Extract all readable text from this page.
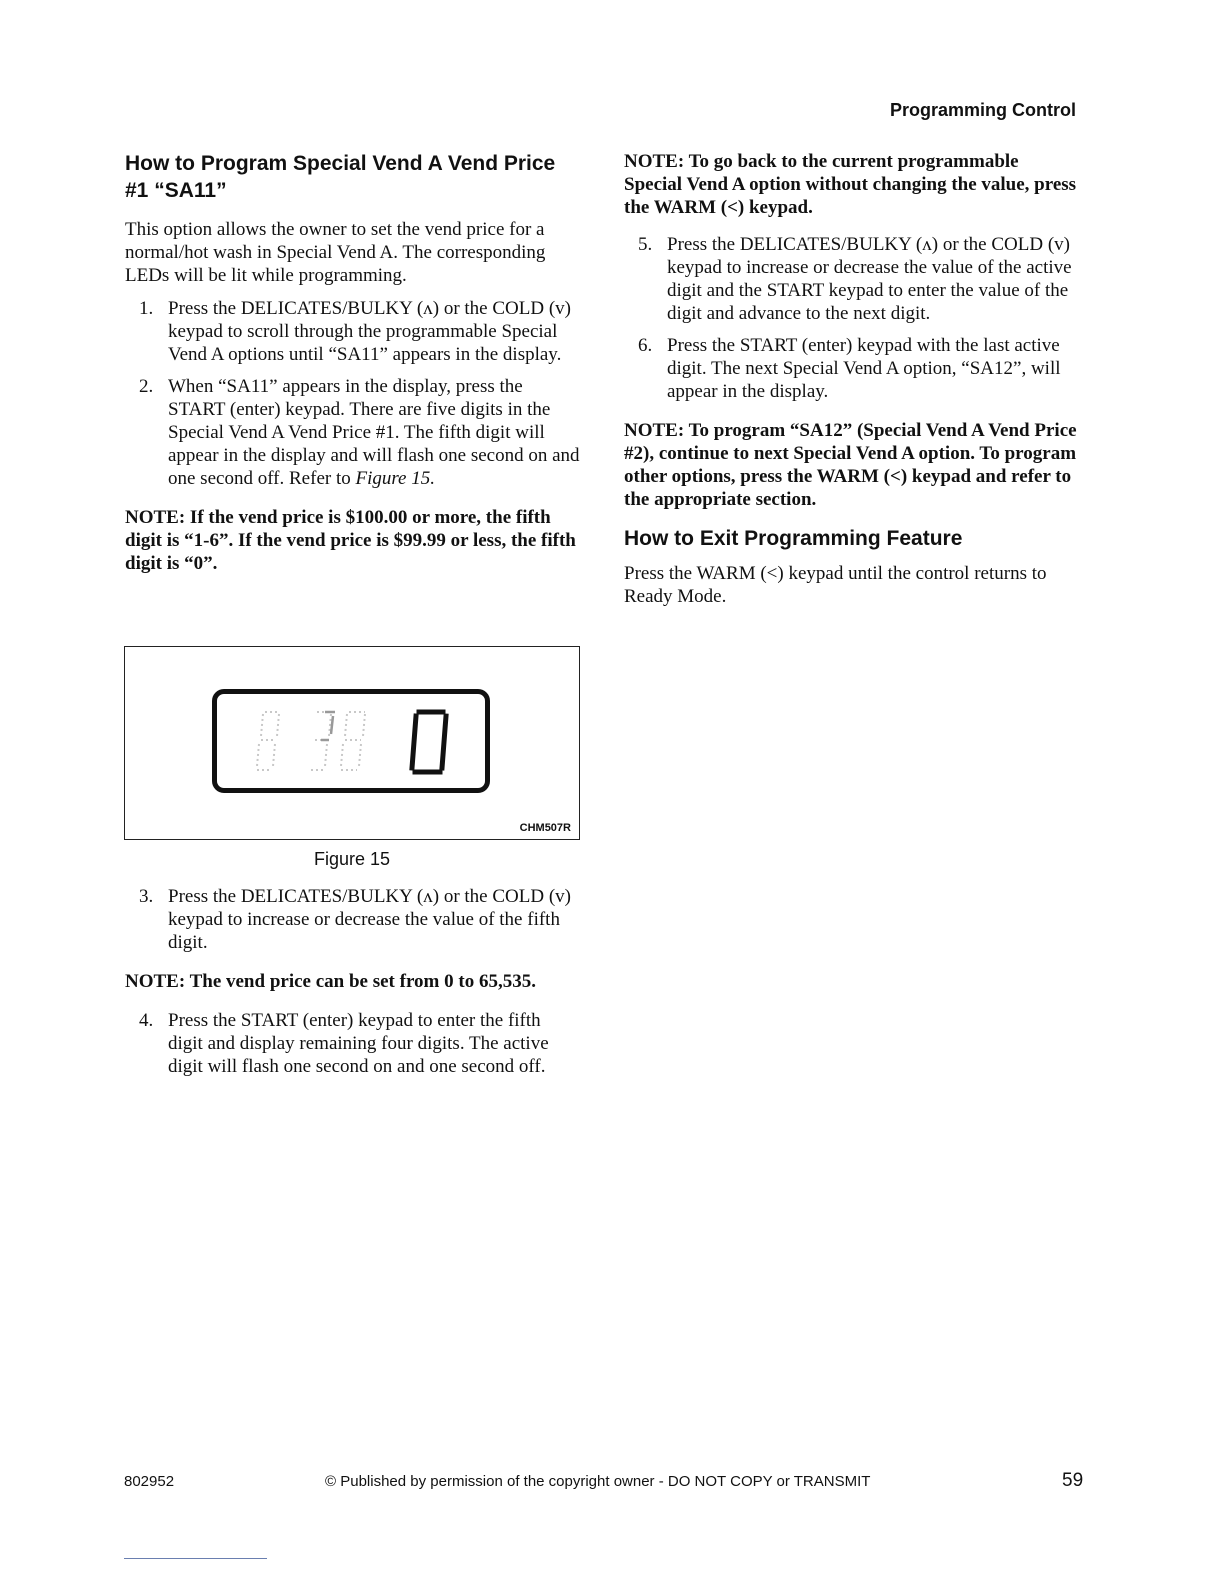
Programming Control
How to Program Special Vend A Vend Price #1 “SA11”

This option allows the owner to set the vend price for a normal/hot wash in Special Vend A. The corresponding LEDs will be lit while programming.

1. Press the DELICATES/BULKY (ʌ) or the COLD (v) keypad to scroll through the programmable Special Vend A options until “SA11” appears in the display.
2. When “SA11” appears in the display, press the START (enter) keypad. There are five digits in the Special Vend A Vend Price #1. The fifth digit will appear in the display and will flash one second on and one second off. Refer to Figure 15.

NOTE: If the vend price is $100.00 or more, the fifth digit is “1-6”. If the vend price is $99.99 or less, the fifth digit is “0”.

CHM507R
Figure 15
3. Press the DELICATES/BULKY (ʌ) or the COLD (v) keypad to increase or decrease the value of the fifth digit.

NOTE: The vend price can be set from 0 to 65,535.

4. Press the START (enter) keypad to enter the fifth digit and display remaining four digits. The active digit will flash one second on and one second off.

NOTE: To go back to the current programmable Special Vend A option without changing the value, press the WARM (<) keypad.

5. Press the DELICATES/BULKY (ʌ) or the COLD (v) keypad to increase or decrease the value of the active digit and the START keypad to enter the value of the digit and advance to the next digit.
6. Press the START (enter) keypad with the last active digit. The next Special Vend A option, “SA12”, will appear in the display.

NOTE: To program “SA12” (Special Vend A Vend Price #2), continue to next Special Vend A option. To program other options, press the WARM (<) keypad and refer to the appropriate section.

How to Exit Programming Feature

Press the WARM (<) keypad until the control returns to Ready Mode.

802952	© Published by permission of the copyright owner - DO NOT COPY or TRANSMIT	59
